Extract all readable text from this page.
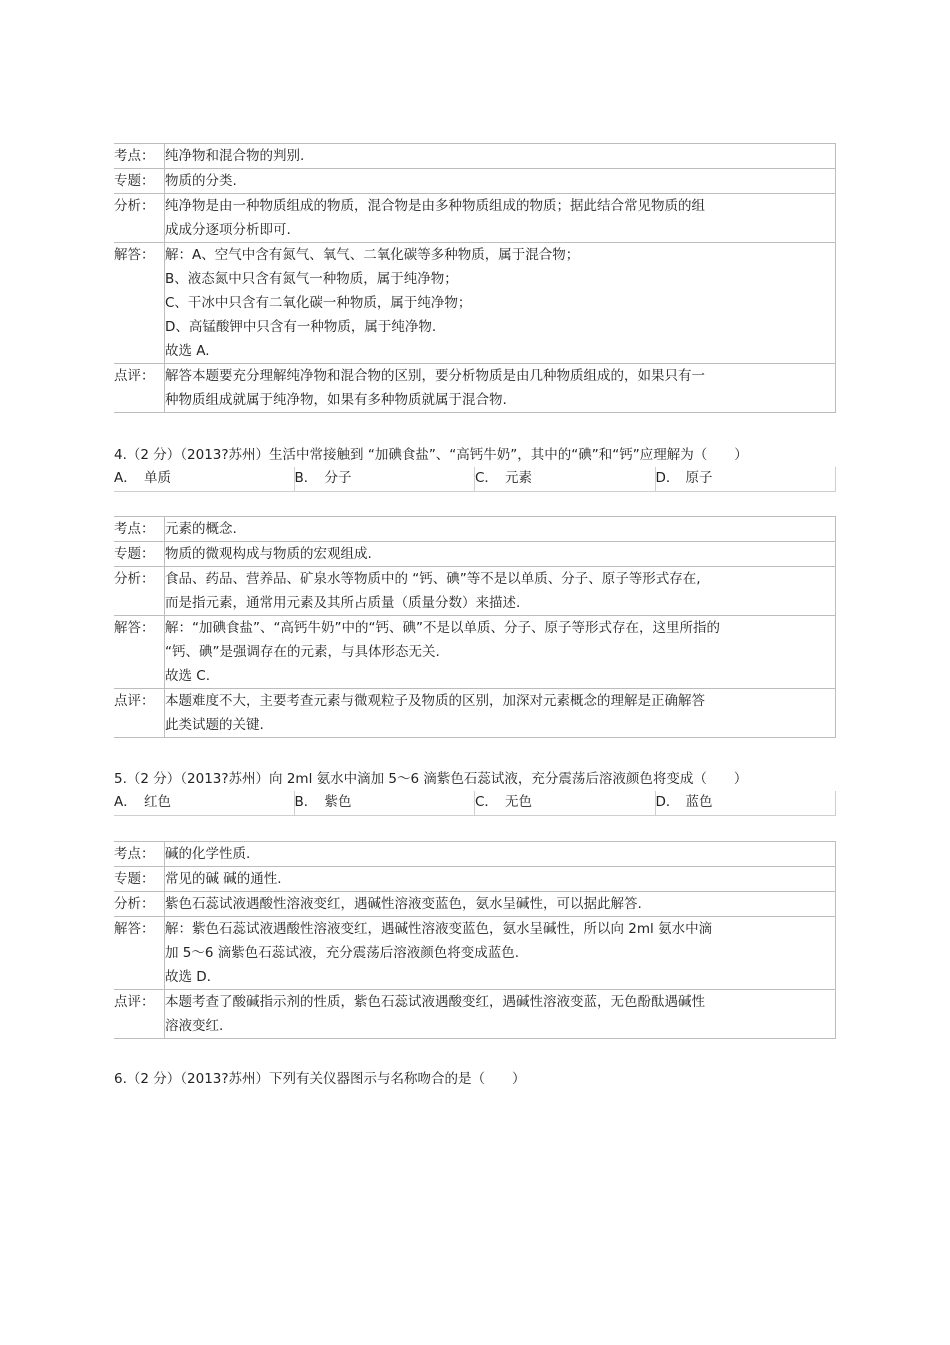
考点：	纯净物和混合物的判别.

专题：	物质的分类.

分析：	纯净物是由一种物质组成的物质，混合物是由多种物质组成的物质；据此结合常见物质的组
成成分逐项分析即可.

解答：	解：A、空气中含有氮气、氧气、二氧化碳等多种物质，属于混合物；
B、液态氮中只含有氮气一种物质，属于纯净物；
C、干冰中只含有二氧化碳一种物质，属于纯净物；
D、高锰酸钾中只含有一种物质，属于纯净物.
故选 A.

点评：	解答本题要充分理解纯净物和混合物的区别，要分析物质是由几种物质组成的，如果只有一
种物质组成就属于纯净物，如果有多种物质就属于混合物.
4.（2 分）（2013?苏州）生活中常接触到 “加碘食盐”、“高钙牛奶”，其中的“碘”和“钙”应理解为（　　）
A． 单质	B． 分子	C． 元素	D． 原子
考点：	元素的概念.

专题：	物质的微观构成与物质的宏观组成.

分析：	食品、药品、营养品、矿泉水等物质中的 “钙、碘”等不是以单质、分子、原子等形式存在,
而是指元素，通常用元素及其所占质量（质量分数）来描述.

解答：	解：“加碘食盐”、“高钙牛奶”中的“钙、碘”不是以单质、分子、原子等形式存在，这里所指的
“钙、碘”是强调存在的元素，与具体形态无关.
故选 C.

点评：	本题难度不大，主要考查元素与微观粒子及物质的区别，加深对元素概念的理解是正确解答
此类试题的关键.
5.（2 分）（2013?苏州）向 2ml 氨水中滴加 5～6 滴紫色石蕊试液，充分震荡后溶液颜色将变成（　　）
A． 红色	B． 紫色	C． 无色	D． 蓝色
考点：	碱的化学性质.

专题：	常见的碱 碱的通性.

分析：	紫色石蕊试液遇酸性溶液变红，遇碱性溶液变蓝色，氨水呈碱性，可以据此解答.

解答：	解：紫色石蕊试液遇酸性溶液变红，遇碱性溶液变蓝色，氨水呈碱性，所以向 2ml 氨水中滴
加 5～6 滴紫色石蕊试液，充分震荡后溶液颜色将变成蓝色.
故选 D.

点评：	本题考查了酸碱指示剂的性质，紫色石蕊试液遇酸变红，遇碱性溶液变蓝，无色酚酞遇碱性
溶液变红.
6.（2 分）（2013?苏州）下列有关仪器图示与名称吻合的是（　　）
